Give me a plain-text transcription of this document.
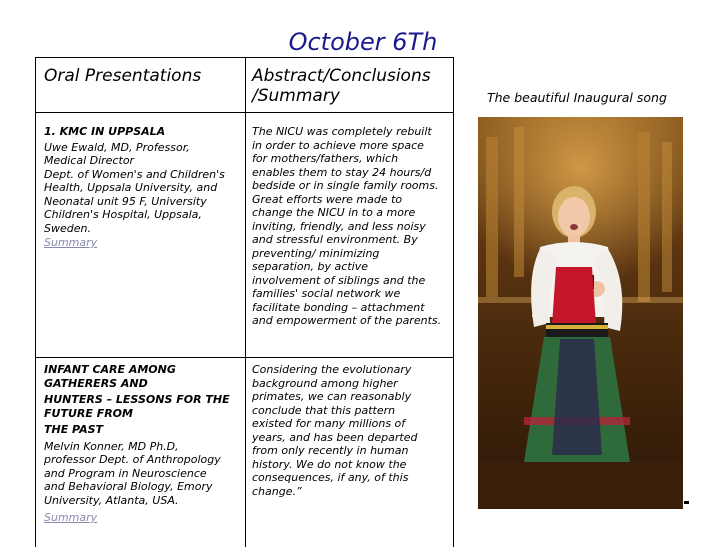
October 6Th
Oral Presentations	Abstract/Conclusions
/Summary
1. KMC IN UPPSALA
Uwe Ewald, MD, Professor,
Medical Director
Dept. of Women's and Children's
Health, Uppsala University, and
Neonatal unit 95 F, University
Children's Hospital, Uppsala,
Sweden.
Summary
The NICU was completely rebuilt
in order to achieve more space
for mothers/fathers, which
enables them to stay 24 hours/d
bedside or in single family rooms.
Great efforts were made to
change the NICU in to a more
inviting, friendly, and less noisy
and stressful environment. By
preventing/ minimizing
separation, by active
involvement of siblings and the
families' social network we
facilitate bonding – attachment
and empowerment of the parents.
INFANT CARE AMONG
GATHERERS AND
HUNTERS – LESSONS FOR THE
FUTURE FROM
THE PAST
Melvin Konner, MD Ph.D,
professor Dept. of Anthropology
and Program in Neuroscience
and Behavioral Biology, Emory
University, Atlanta, USA.
Summary
Considering the evolutionary
background among higher
primates, we can reasonably
conclude that this pattern
existed for many millions of
years, and has been departed
from only recently in human
history. We do not know the
consequences, if any, of this
change.”
The beautiful Inaugural song
